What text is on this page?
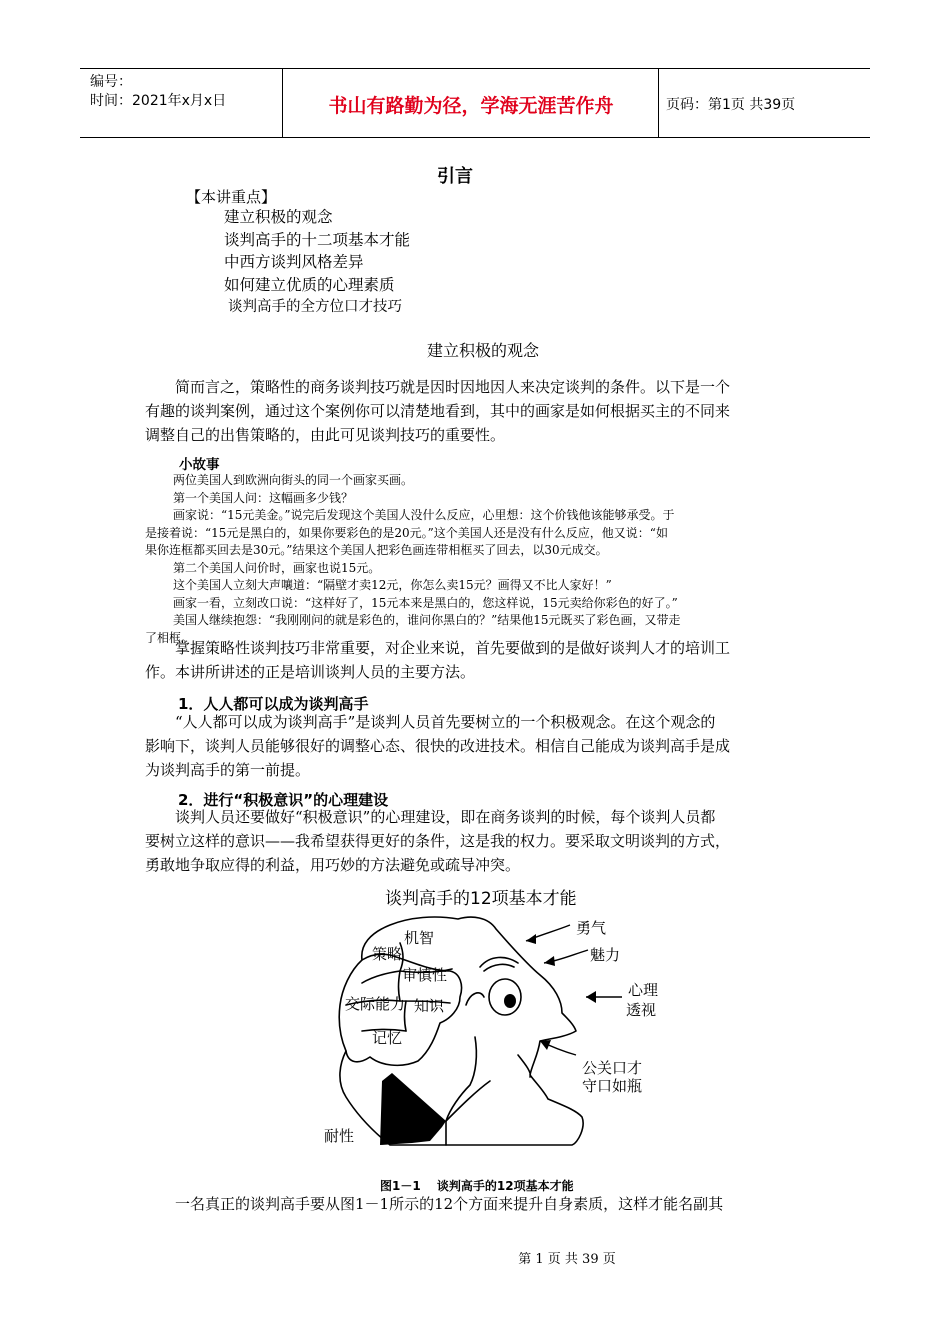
编号：
时间：2021年x月x日	书山有路勤为径，学海无涯苦作舟	页码：第1页 共39页
引言
【本讲重点】
建立积极的观念
谈判高手的十二项基本才能
中西方谈判风格差异
如何建立优质的心理素质
谈判高手的全方位口才技巧
建立积极的观念
简而言之，策略性的商务谈判技巧就是因时因地因人来决定谈判的条件。以下是一个
有趣的谈判案例，通过这个案例你可以清楚地看到，其中的画家是如何根据买主的不同来
调整自己的出售策略的，由此可见谈判技巧的重要性。
小故事
两位美国人到欧洲向街头的同一个画家买画。
第一个美国人问：这幅画多少钱？
画家说：“15元美金。”说完后发现这个美国人没什么反应，心里想：这个价钱他该能够承受。于
是接着说：“15元是黑白的，如果你要彩色的是20元。”这个美国人还是没有什么反应，他又说：“如
果你连框都买回去是30元。”结果这个美国人把彩色画连带相框买了回去，以30元成交。
第二个美国人问价时，画家也说15元。
这个美国人立刻大声嚷道：“隔壁才卖12元，你怎么卖15元？画得又不比人家好！”
画家一看，立刻改口说：“这样好了，15元本来是黑白的，您这样说，15元卖给你彩色的好了。”
美国人继续抱怨：“我刚刚问的就是彩色的，谁问你黑白的？”结果他15元既买了彩色画，又带走
了相框。
掌握策略性谈判技巧非常重要，对企业来说，首先要做到的是做好谈判人才的培训工
作。本讲所讲述的正是培训谈判人员的主要方法。
1．人人都可以成为谈判高手
“人人都可以成为谈判高手”是谈判人员首先要树立的一个积极观念。在这个观念的
影响下，谈判人员能够很好的调整心态、很快的改进技术。相信自己能成为谈判高手是成
为谈判高手的第一前提。
2．进行“积极意识”的心理建设
谈判人员还要做好“积极意识”的心理建设，即在商务谈判的时候，每个谈判人员都
要树立这样的意识——我希望获得更好的条件，这是我的权力。要采取文明谈判的方式，
勇敢地争取应得的利益，用巧妙的方法避免或疏导冲突。
谈判高手的12项基本才能
机智
策略
审慎性
交际能力 知识
记忆
勇气
魅力
心理
透视
公关口才
守口如瓶
耐性
图1－1　 谈判高手的12项基本才能
一名真正的谈判高手要从图1－1所示的12个方面来提升自身素质，这样才能名副其
第 1 页 共 39 页
